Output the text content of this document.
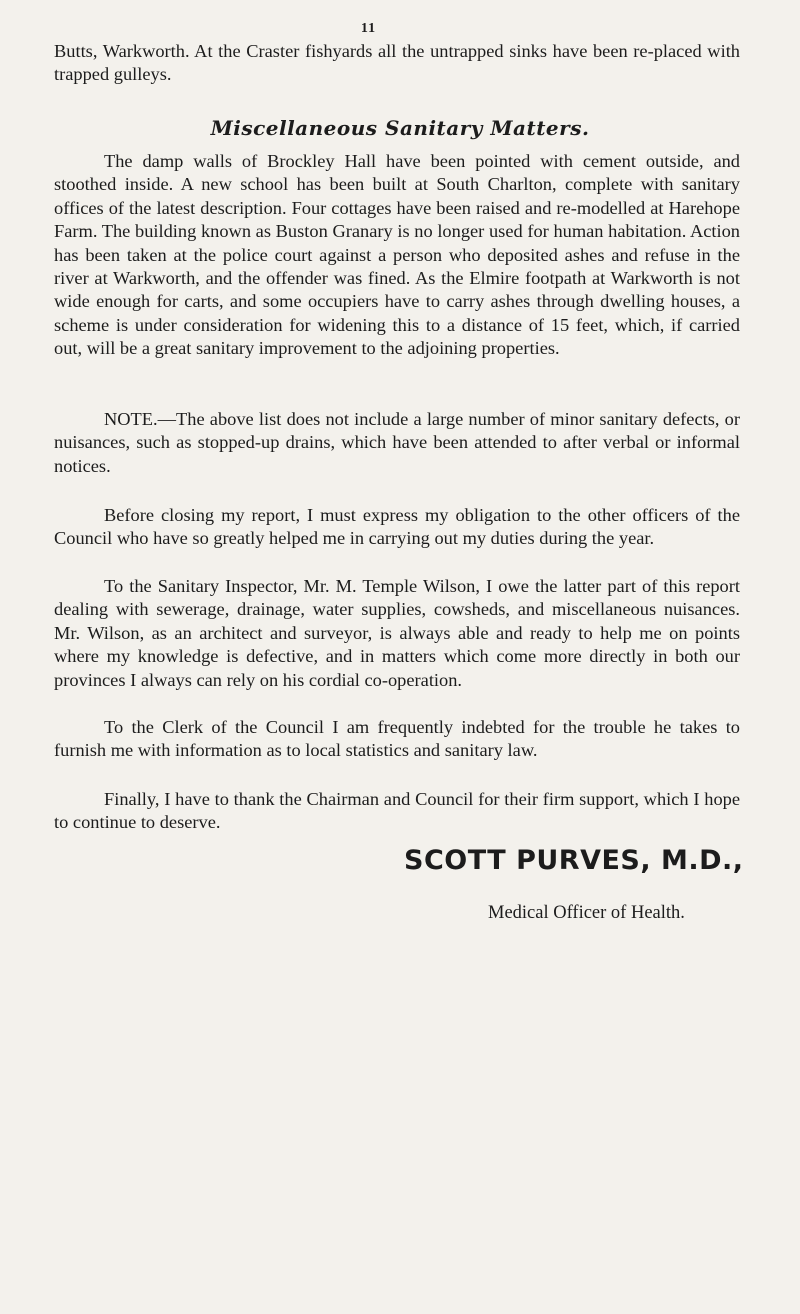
11

Butts, Warkworth. At the Craster fishyards all the untrapped sinks have been re-placed with trapped gulleys.

Miscellaneous Sanitary Matters.

The damp walls of Brockley Hall have been pointed with cement outside, and stoothed inside. A new school has been built at South Charlton, complete with sanitary offices of the latest description. Four cottages have been raised and re-modelled at Harehope Farm. The building known as Buston Granary is no longer used for human habitation. Action has been taken at the police court against a person who deposited ashes and refuse in the river at Warkworth, and the offender was fined. As the Elmire footpath at Warkworth is not wide enough for carts, and some occupiers have to carry ashes through dwelling houses, a scheme is under consideration for widening this to a distance of 15 feet, which, if carried out, will be a great sanitary improvement to the adjoining properties.

NOTE.—The above list does not include a large number of minor sanitary defects, or nuisances, such as stopped-up drains, which have been attended to after verbal or informal notices.

Before closing my report, I must express my obligation to the other officers of the Council who have so greatly helped me in carrying out my duties during the year.

To the Sanitary Inspector, Mr. M. Temple Wilson, I owe the latter part of this report dealing with sewerage, drainage, water supplies, cowsheds, and miscellaneous nuisances. Mr. Wilson, as an architect and surveyor, is always able and ready to help me on points where my knowledge is defective, and in matters which come more directly in both our provinces I always can rely on his cordial co-operation.

To the Clerk of the Council I am frequently indebted for the trouble he takes to furnish me with information as to local statistics and sanitary law.

Finally, I have to thank the Chairman and Council for their firm support, which I hope to continue to deserve.

SCOTT PURVES, M.D.,
Medical Officer of Health.
